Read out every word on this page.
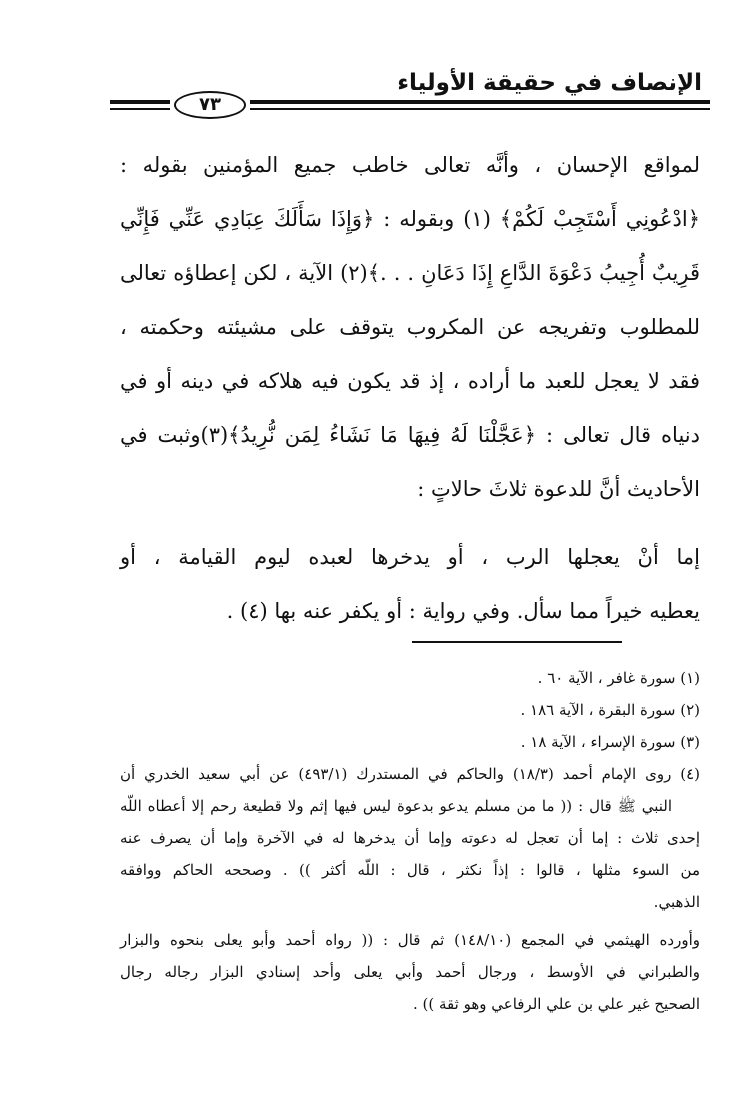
الإنصاف في حقيقة الأولياء
٧٣
لمواقع الإحسان ، وأنَّه تعالى خاطب جميع المؤمنين بقوله :
﴿ادْعُونِي أَسْتَجِبْ لَكُمْ﴾ (١) وبقوله : ﴿وَإِذَا سَأَلَكَ عِبَادِي عَنِّي فَإِنِّي
قَرِيبٌ أُجِيبُ دَعْوَةَ الدَّاعِ إِذَا دَعَانِ . . .﴾(٢) الآية ، لكن إعطاؤه تعالى
للمطلوب وتفريجه عن المكروب يتوقف على مشيئته وحكمته ،
فقد لا يعجل للعبد ما أراده ، إذ قد يكون فيه هلاكه في دينه أو في
دنياه قال تعالى : ﴿عَجَّلْنَا لَهُ فِيهَا مَا نَشَاءُ لِمَن نُّرِيدُ﴾(٣)وثبت في
الأحاديث أنَّ للدعوة ثلاثَ حالاتٍ :
إما أنْ يعجلها الرب ، أو يدخرها لعبده ليوم القيامة ، أو
يعطيه خيراً مما سأل. وفي رواية : أو يكفر عنه بها (٤) .
(١) سورة غافر ، الآية ٦٠ .
(٢) سورة البقرة ، الآية ١٨٦ .
(٣) سورة الإسراء ، الآية ١٨ .
(٤) روى الإمام أحمد (١٨/٣) والحاكم في المستدرك (٤٩٣/١) عن أبي سعيد الخدري أن
النبي ﷺ قال : (( ما من مسلم يدعو بدعوة ليس فيها إثم ولا قطيعة رحم إلا أعطاه اللّه
إحدى ثلاث : إما أن تعجل له دعوته وإما أن يدخرها له في الآخرة وإما أن يصرف عنه
من السوء مثلها ، قالوا : إذاً نكثر ، قال : اللّه أكثر )) . وصححه الحاكم ووافقه
الذهبي.
وأورده الهيثمي في المجمع (١٤٨/١٠) ثم قال : (( رواه أحمد وأبو يعلى بنحوه والبزار
والطبراني في الأوسط ، ورجال أحمد وأبي يعلى وأحد إسنادي البزار رجاله رجال
الصحيح غير علي بن علي الرفاعي وهو ثقة )) .
